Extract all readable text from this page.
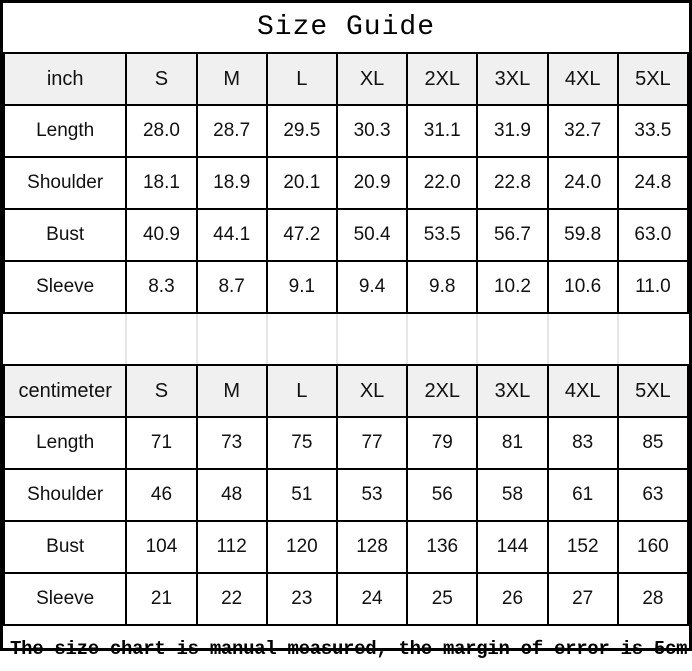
Size Guide
inch	S	M	L	XL	2XL	3XL	4XL	5XL
Length	28.0	28.7	29.5	30.3	31.1	31.9	32.7	33.5
Shoulder	18.1	18.9	20.1	20.9	22.0	22.8	24.0	24.8
Bust	40.9	44.1	47.2	50.4	53.5	56.7	59.8	63.0
Sleeve	8.3	8.7	9.1	9.4	9.8	10.2	10.6	11.0

centimeter	S	M	L	XL	2XL	3XL	4XL	5XL
Length	71	73	75	77	79	81	83	85
Shoulder	46	48	51	53	56	58	61	63
Bust	104	112	120	128	136	144	152	160
Sleeve	21	22	23	24	25	26	27	28
The size chart is manual measured, the margin of error is 5cm
